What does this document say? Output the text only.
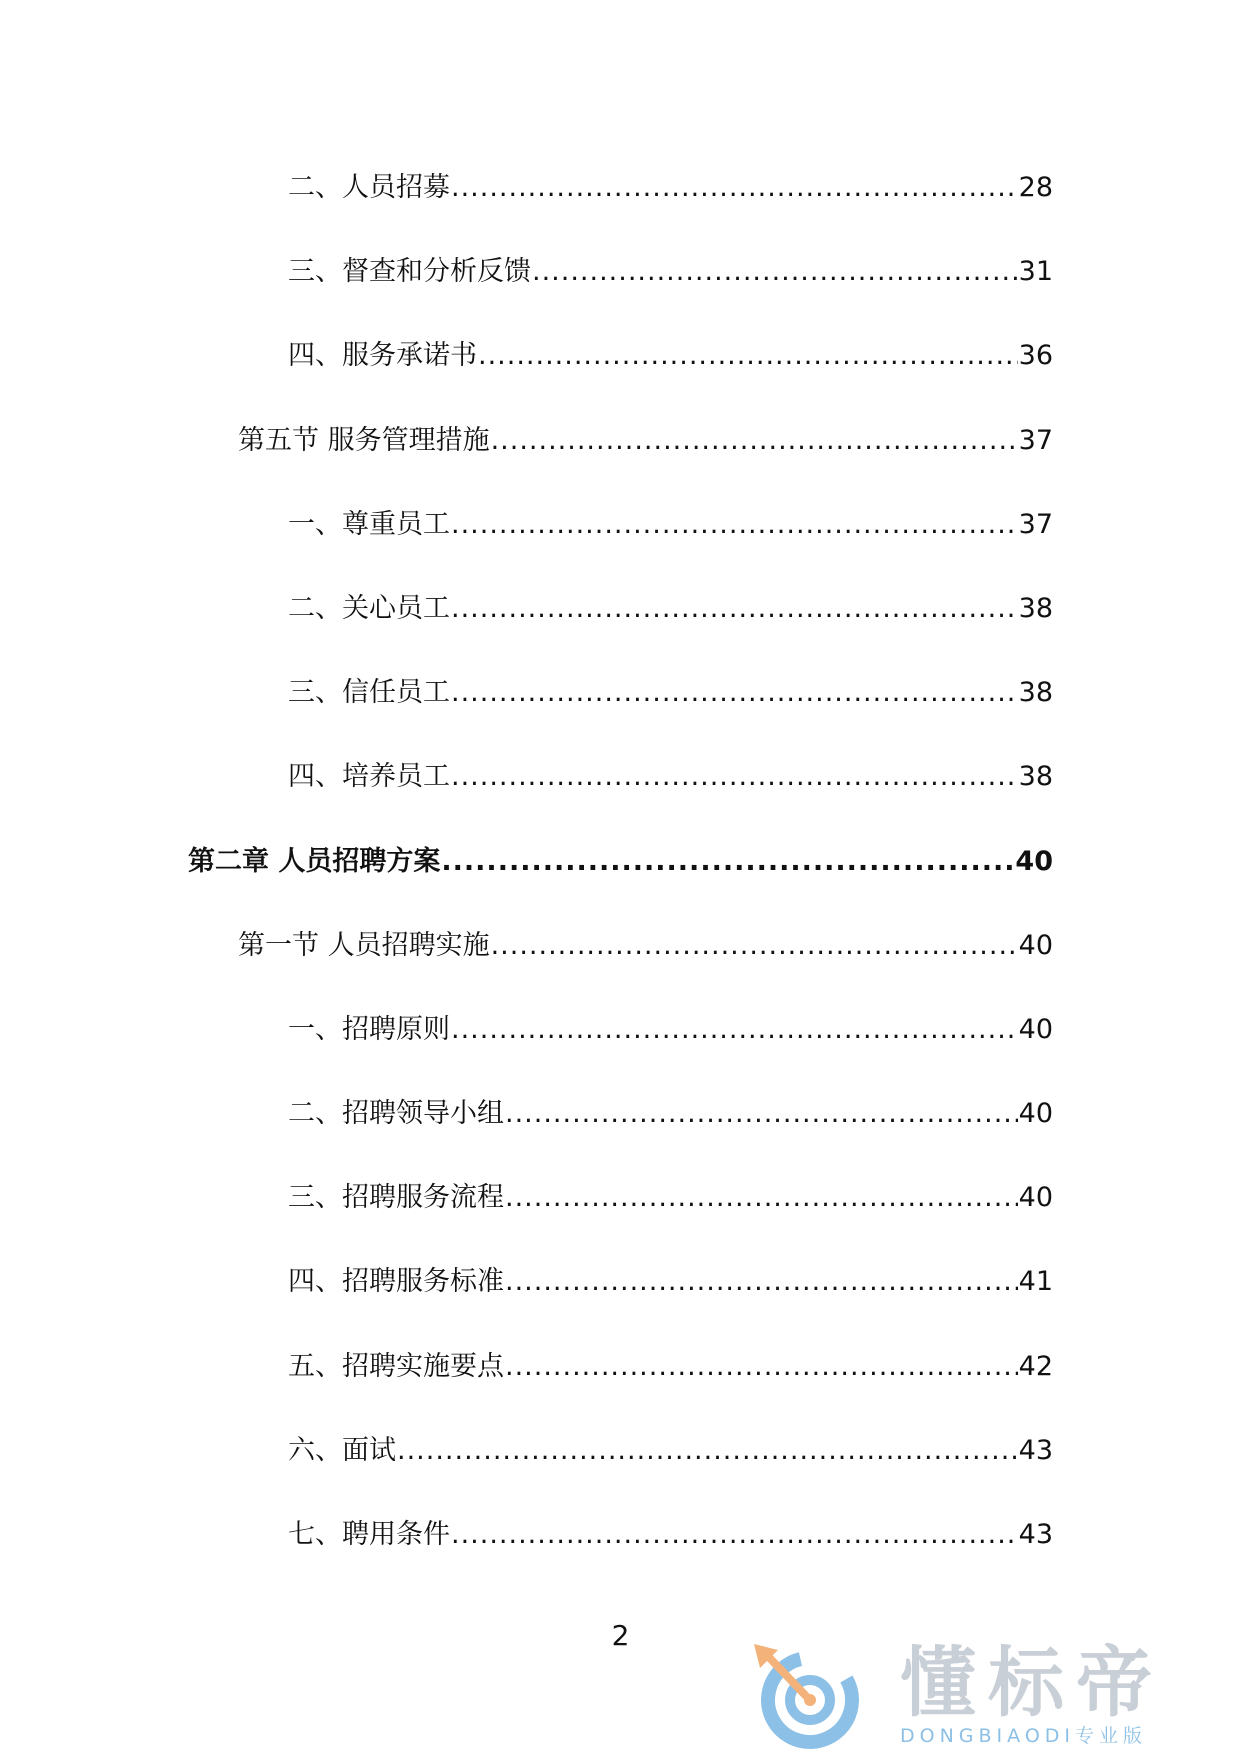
二、人员招募 .....	28
三、督查和分析反馈 .....	31
四、服务承诺书 .....	36
第五节 服务管理措施 .....	37
一、尊重员工 .....	37
二、关心员工 .....	38
三、信任员工 .....	38
四、培养员工 .....	38
第二章 人员招聘方案 .....	40
第一节 人员招聘实施 .....	40
一、招聘原则 .....	40
二、招聘领导小组 .....	40
三、招聘服务流程 .....	40
四、招聘服务标准 .....	41
五、招聘实施要点 .....	42
六、面试 .....	43
七、聘用条件 .....	43
2
懂标帝
DONGBIAODI专业版
